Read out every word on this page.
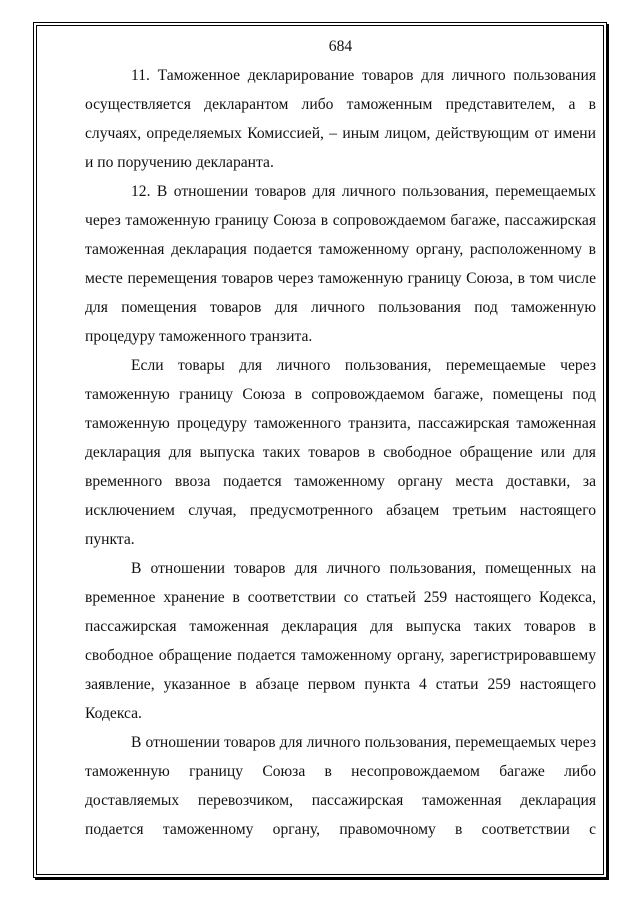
684

11. Таможенное декларирование товаров для личного пользования осуществляется декларантом либо таможенным представителем, а в случаях, определяемых Комиссией, – иным лицом, действующим от имени и по поручению декларанта.

12. В отношении товаров для личного пользования, перемещаемых через таможенную границу Союза в сопровождаемом багаже, пассажирская таможенная декларация подается таможенному органу, расположенному в месте перемещения товаров через таможенную границу Союза, в том числе для помещения товаров для личного пользования под таможенную процедуру таможенного транзита.

Если товары для личного пользования, перемещаемые через таможенную границу Союза в сопровождаемом багаже, помещены под таможенную процедуру таможенного транзита, пассажирская таможенная декларация для выпуска таких товаров в свободное обращение или для временного ввоза подается таможенному органу места доставки, за исключением случая, предусмотренного абзацем третьим настоящего пункта.

В отношении товаров для личного пользования, помещенных на временное хранение в соответствии со статьей 259 настоящего Кодекса, пассажирская таможенная декларация для выпуска таких товаров в свободное обращение подается таможенному органу, зарегистрировавшему заявление, указанное в абзаце первом пункта 4 статьи 259 настоящего Кодекса.

В отношении товаров для личного пользования, перемещаемых через таможенную границу Союза в несопровождаемом багаже либо доставляемых перевозчиком, пассажирская таможенная декларация подается таможенному органу, правомочному в соответствии с
